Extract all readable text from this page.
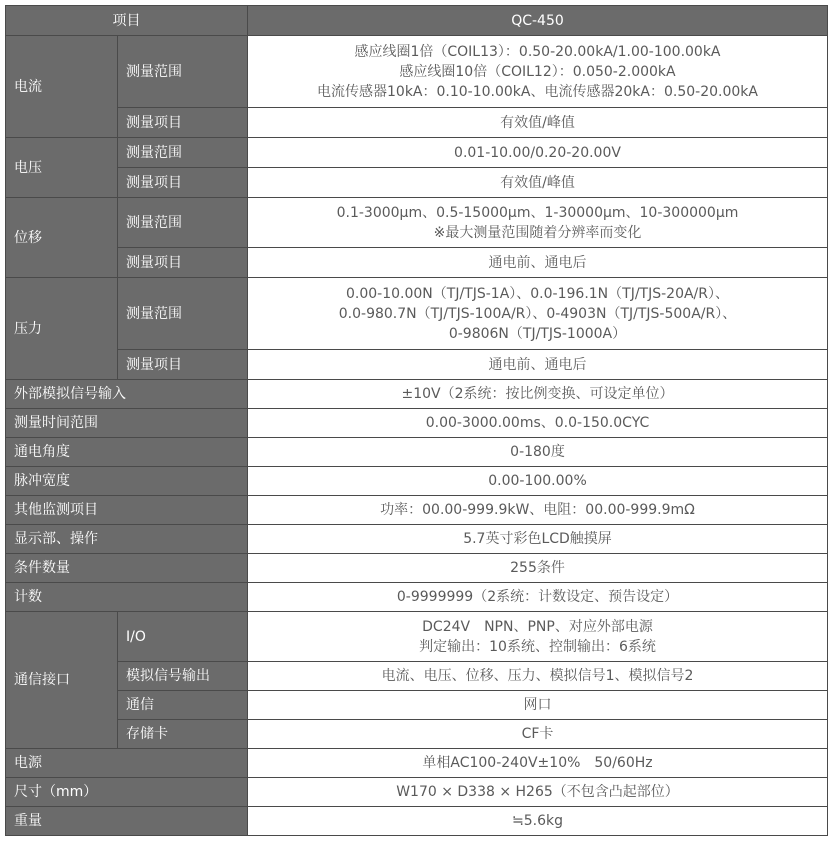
项目		QC-450
电流	测量范围	感应线圈1倍（COIL13）：0.50-20.00kA/1.00-100.00kA
感应线圈10倍（COIL12）：0.050-2.000kA
电流传感器10kA：0.10-10.00kA、电流传感器20kA：0.50-20.00kA

	测量项目	有效值/峰值
电压	测量范围	0.01-10.00/0.20-20.00V
	测量项目	有效值/峰值
位移	测量范围	0.1-3000μm、0.5-15000μm、1-30000μm、10-300000μm
※最大测量范围随着分辨率而变化

	测量项目	通电前、通电后
压力	测量范围	0.00-10.00N（TJ/TJS-1A）、0.0-196.1N（TJ/TJS-20A/R）、
0.0-980.7N（TJ/TJS-100A/R）、0-4903N（TJ/TJS-500A/R）、
0-9806N（TJ/TJS-1000A）

	测量项目	通电前、通电后
外部模拟信号输入		±10V（2系统：按比例变换、可设定单位）
测量时间范围		0.00-3000.00ms、0.0-150.0CYC
通电角度		0-180度
脉冲宽度		0.00-100.00%
其他监测项目		功率：00.00-999.9kW、电阻：00.00-999.9mΩ
显示部、操作		5.7英寸彩色LCD触摸屏
条件数量		255条件
计数		0-9999999（2系统：计数设定、预告设定）
通信接口	I/O	DC24V　NPN、PNP、对应外部电源
判定输出：10系统、控制输出：6系统

	模拟信号输出	电流、电压、位移、压力、模拟信号1、模拟信号2
	通信	网口
	存储卡	CF卡
电源		单相AC100-240V±10%　50/60Hz
尺寸（mm）		W170 × D338 × H265（不包含凸起部位）
重量		≒5.6kg
